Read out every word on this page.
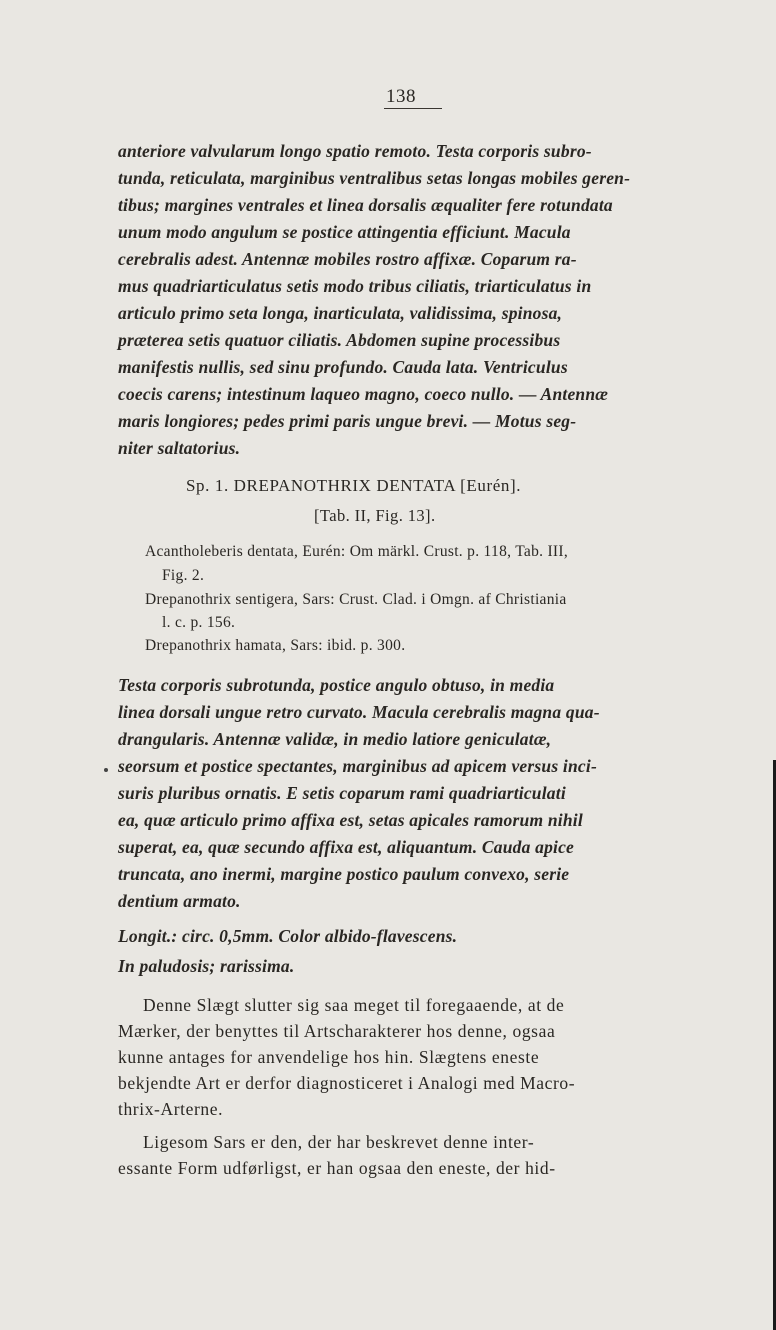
138
anteriore valvularum longo spatio remoto. Testa corporis subro-
tunda, reticulata, marginibus ventralibus setas longas mobiles geren-
tibus; margines ventrales et linea dorsalis æqualiter fere rotundata
unum modo angulum se postice attingentia efficiunt. Macula
cerebralis adest. Antennæ mobiles rostro affixæ. Coparum ra-
mus quadriarticulatus setis modo tribus ciliatis, triarticulatus in
articulo primo seta longa, inarticulata, validissima, spinosa,
præterea setis quatuor ciliatis. Abdomen supine processibus
manifestis nullis, sed sinu profundo. Cauda lata. Ventriculus
coecis carens; intestinum laqueo magno, coeco nullo. — Antennæ
maris longiores; pedes primi paris ungue brevi. — Motus seg-
niter saltatorius.
Sp. 1. DREPANOTHRIX DENTATA [Eurén].
[Tab. II, Fig. 13].
Acantholeberis dentata, Eurén: Om märkl. Crust. p. 118, Tab. III,
Fig. 2.
Drepanothrix sentigera, Sars: Crust. Clad. i Omgn. af Christiania
l. c. p. 156.
Drepanothrix hamata, Sars: ibid. p. 300.
Testa corporis subrotunda, postice angulo obtuso, in media
linea dorsali ungue retro curvato. Macula cerebralis magna qua-
drangularis. Antennæ validæ, in medio latiore geniculatæ,
seorsum et postice spectantes, marginibus ad apicem versus inci-
suris pluribus ornatis. E setis coparum rami quadriarticulati
ea, quæ articulo primo affixa est, setas apicales ramorum nihil
superat, ea, quæ secundo affixa est, aliquantum. Cauda apice
truncata, ano inermi, margine postico paulum convexo, serie
dentium armato.
Longit.: circ. 0,5mm. Color albido-flavescens.
In paludosis; rarissima.
Denne Slægt slutter sig saa meget til foregaaende, at de
Mærker, der benyttes til Artscharakterer hos denne, ogsaa
kunne antages for anvendelige hos hin. Slægtens eneste
bekjendte Art er derfor diagnosticeret i Analogi med Macro-
thrix-Arterne.
Ligesom Sars er den, der har beskrevet denne inter-
essante Form udførligst, er han ogsaa den eneste, der hid-
